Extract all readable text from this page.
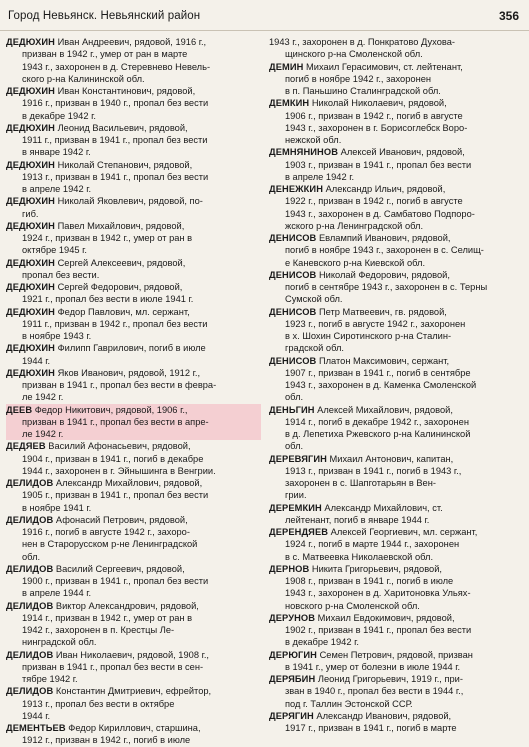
Город Невьянск. Невьянский район	356
ДЕДЮХИН Иван Андреевич, рядовой, 1916 г.,
призван в 1942 г., умер от ран в марте
1943 г., захоронен в д. Стеревнево Невель-
ского р-на Калининской обл.
ДЕДЮХИН Иван Константинович, рядовой,
1916 г., призван в 1940 г., пропал без вести
в декабре 1942 г.
ДЕДЮХИН Леонид Васильевич, рядовой,
1911 г., призван в 1941 г., пропал без вести
в январе 1942 г.
ДЕДЮХИН Николай Степанович, рядовой,
1913 г., призван в 1941 г., пропал без вести
в апреле 1942 г.
ДЕДЮХИН Николай Яковлевич, рядовой, по-
гиб.
ДЕДЮХИН Павел Михайлович, рядовой,
1924 г., призван в 1942 г., умер от ран в
октябре 1945 г.
ДЕДЮХИН Сергей Алексеевич, рядовой,
пропал без вести.
ДЕДЮХИН Сергей Федорович, рядовой,
1921 г., пропал без вести в июле 1941 г.
ДЕДЮХИН Федор Павлович, мл. сержант,
1911 г., призван в 1942 г., пропал без вести
в ноябре 1943 г.
ДЕДЮХИН Филипп Гаврилович, погиб в июле
1944 г.
ДЕДЮХИН Яков Иванович, рядовой, 1912 г.,
призван в 1941 г., пропал без вести в февра-
ле 1942 г.
ДЕЕВ Федор Никитович, рядовой, 1906 г.,
призван в 1941 г., пропал без вести в апре-
ле 1942 г.
ДЕДЯЕВ Василий Афонасьевич, рядовой,
1904 г., призван в 1941 г., погиб в декабре
1944 г., захоронен в г. Эйнышинга в Венгрии.
ДЕЛИДОВ Александр Михайлович, рядовой,
1905 г., призван в 1941 г., пропал без вести
в ноябре 1941 г.
ДЕЛИДОВ Афонасий Петрович, рядовой,
1916 г., погиб в августе 1942 г., захоро-
нен в Старорусском р-не Ленинградской
обл.
ДЕЛИДОВ Василий Сергеевич, рядовой,
1900 г., призван в 1941 г., пропал без вести
в апреле 1944 г.
ДЕЛИДОВ Виктор Александрович, рядовой,
1914 г., призван в 1942 г., умер от ран в
1942 г., захоронен в п. Крестцы Ле-
нинградской обл.
ДЕЛИДОВ Иван Николаевич, рядовой, 1908 г.,
призван в 1941 г., пропал без вести в сен-
тябре 1942 г.
ДЕЛИДОВ Константин Дмитриевич, ефрейтор,
1913 г., пропал без вести в октябре
1944 г.
ДЕМЕНТЬЕВ Федор Кириллович, старшина,
1912 г., призван в 1942 г., погиб в июле
1943 г., захоронен в д. Понкратово Духова-
щинского р-на Смоленской обл.
ДЕМИН Михаил Герасимович, ст. лейтенант,
погиб в ноябре 1942 г., захоронен
в п. Паньшино Сталинградской обл.
ДЕМКИН Николай Николаевич, рядовой,
1906 г., призван в 1942 г., погиб в августе
1943 г., захоронен в г. Борисоглебск Воро-
нежской обл.
ДЕМНЯНИНОВ Алексей Иванович, рядовой,
1903 г., призван в 1941 г., пропал без вести
в апреле 1942 г.
ДЕНЕЖКИН Александр Ильич, рядовой,
1922 г., призван в 1942 г., погиб в августе
1943 г., захоронен в д. Самбатово Подпоро-
жского р-на Ленинградской обл.
ДЕНИСОВ Евлампий Иванович, рядовой,
погиб в ноябре 1943 г., захоронен в с. Селищ-
е Каневского р-на Киевской обл.
ДЕНИСОВ Николай Федорович, рядовой,
погиб в сентябре 1943 г., захоронен в с. Терны
Сумской обл.
ДЕНИСОВ Петр Матвеевич, гв. рядовой,
1923 г., погиб в августе 1942 г., захоронен
в х. Шохин Сиротинского р-на Сталин-
градской обл.
ДЕНИСОВ Платон Максимович, сержант,
1907 г., призван в 1941 г., погиб в сентябре
1943 г., захоронен в д. Каменка Смоленской
обл.
ДЕНЬГИН Алексей Михайлович, рядовой,
1914 г., погиб в декабре 1942 г., захоронен
в д. Лепетиха Ржевского р-на Калининской
обл.
ДЕРЕВЯГИН Михаил Антонович, капитан,
1913 г., призван в 1941 г., погиб в 1943 г.,
захоронен в с. Шапготарьян в Вен-
грии.
ДЕРЕМКИН Александр Михайлович, ст.
лейтенант, погиб в январе 1944 г.
ДЕРЕНДЯЕВ Алексей Георгиевич, мл. сержант,
1924 г., погиб в марте 1944 г., захоронен
в с. Матвеевка Николаевской обл.
ДЕРНОВ Никита Григорьевич, рядовой,
1908 г., призван в 1941 г., погиб в июле
1943 г., захоронен в д. Харитоновка Ульях-
новского р-на Смоленской обл.
ДЕРУНОВ Михаил Евдокимович, рядовой,
1902 г., призван в 1941 г., пропал без вести
в декабре 1942 г.
ДЕРЮГИН Семен Петрович, рядовой, призван
в 1941 г., умер от болезни в июле 1944 г.
ДЕРЯБИН Леонид Григорьевич, 1919 г., при-
зван в 1940 г., пропал без вести в 1944 г.,
под г. Таллин Эстонской ССР.
ДЕРЯГИН Александр Иванович, рядовой,
1917 г., призван в 1941 г., погиб в марте
